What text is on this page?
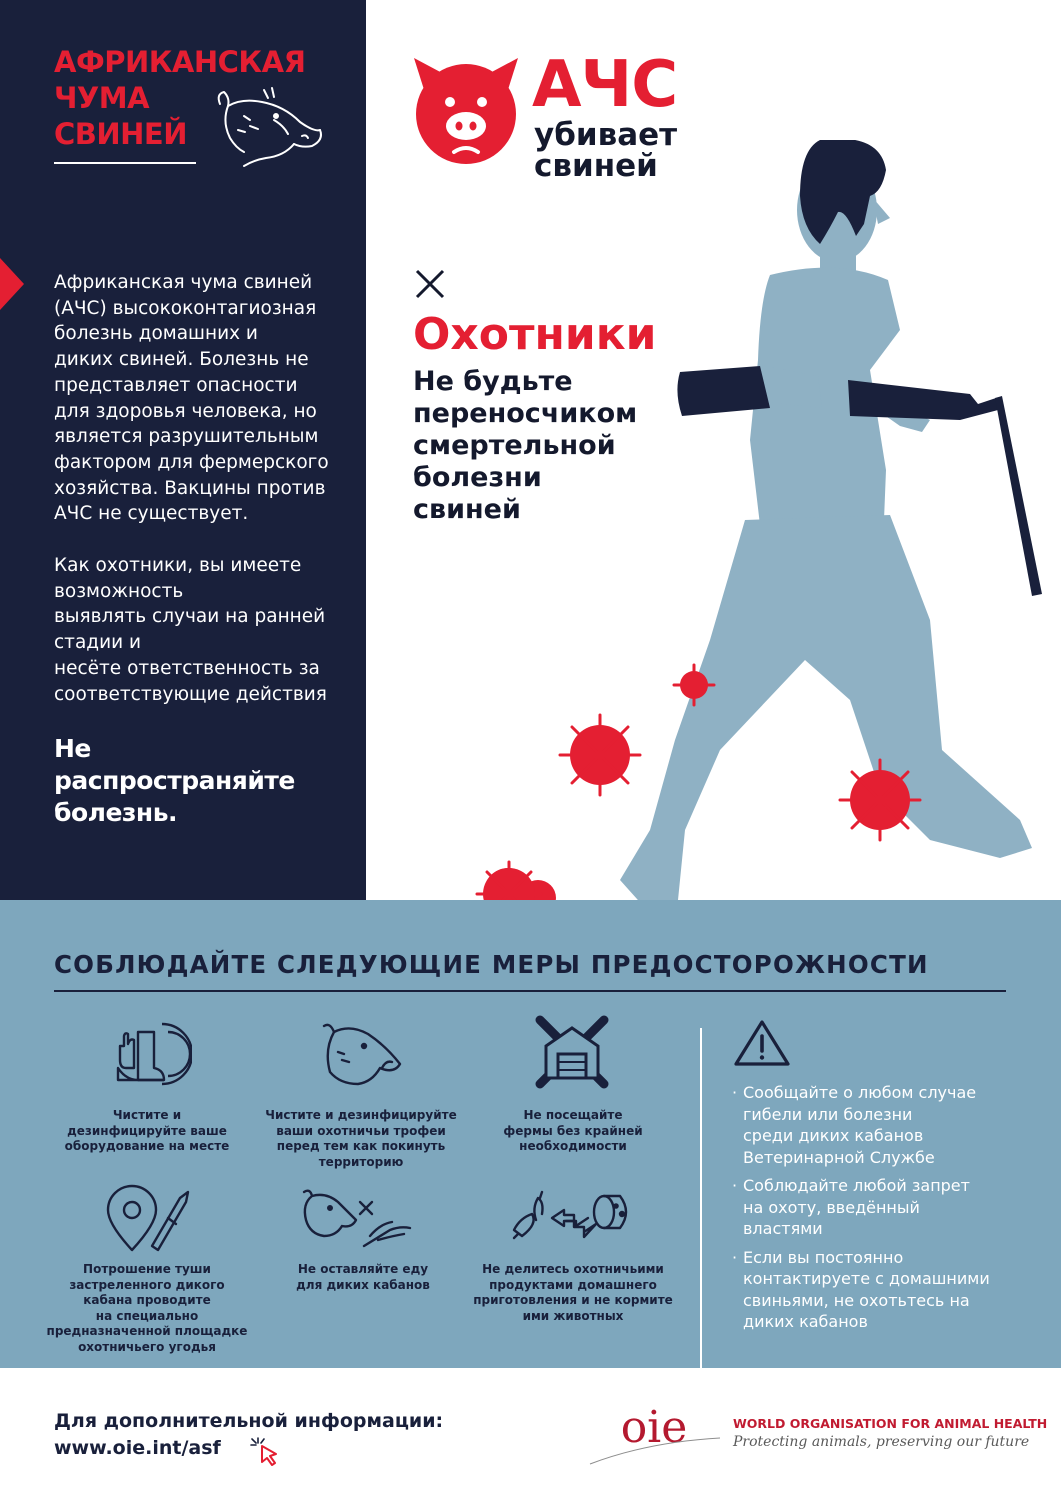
АФРИКАНСКАЯ
ЧУМА
СВИНЕЙ

Африканская чума свиней
(АЧС) высококонтагиозная
болезнь домашних и
диких свиней. Болезнь не
представляет опасности
для здоровья человека, но
является разрушительным
фактором для фермерского
хозяйства. Вакцины против
АЧС не существует.

Как охотники, вы имеете
возможность
выявлять случаи на ранней
стадии и
несёте ответственность за
соответствующие действия

Не
распространяйте
болезнь.
АЧС
убивает
свиней
Охотники
Не будьте
переносчиком
смертельной
болезни
свиней
СОБЛЮДАЙТЕ СЛЕДУЮЩИЕ МЕРЫ ПРЕДОСТОРОЖНОСТИ
Чистите и
дезинфицируйте ваше
оборудование на месте
Чистите и дезинфицируйте
ваши охотничьи трофеи
перед тем как покинуть
территорию
Не посещайте
фермы без крайней
необходимости
Потрошение туши
застреленного дикого
кабана проводите
на специально
предназначенной площадке
охотничьего угодья
Не оставляйте еду
для диких кабанов
Не делитесь охотничьими
продуктами домашнего
приготовления и не кормите
ими животных
· Сообщайте о любом случае
гибели или болезни
среди диких кабанов
Ветеринарной Службе
· Соблюдайте любой запрет
на охоту, введённый
властями
· Если вы постоянно
контактируете с домашними
свиньями, не охотьтесь на
диких кабанов
Для дополнительной информации:
www.oie.int/asf	oie	WORLD ORGANISATION FOR ANIMAL HEALTH
Protecting animals, preserving our future
